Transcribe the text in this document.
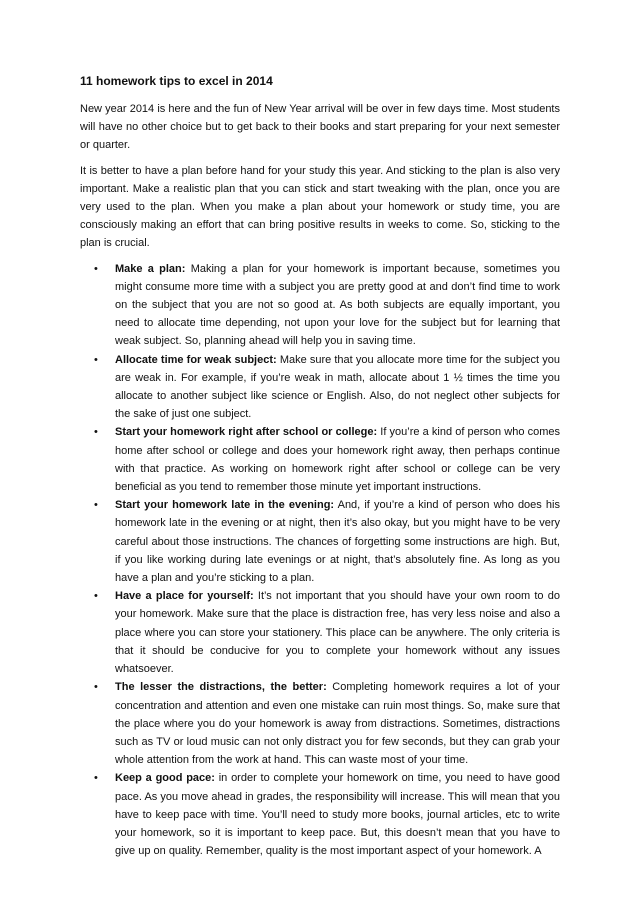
11 homework tips to excel in 2014

New year 2014 is here and the fun of New Year arrival will be over in few days time. Most students will have no other choice but to get back to their books and start preparing for your next semester or quarter.

It is better to have a plan before hand for your study this year. And sticking to the plan is also very important. Make a realistic plan that you can stick and start tweaking with the plan, once you are very used to the plan. When you make a plan about your homework or study time, you are consciously making an effort that can bring positive results in weeks to come. So, sticking to the plan is crucial.

• Make a plan: Making a plan for your homework is important because, sometimes you might consume more time with a subject you are pretty good at and don’t find time to work on the subject that you are not so good at. As both subjects are equally important, you need to allocate time depending, not upon your love for the subject but for learning that weak subject. So, planning ahead will help you in saving time.
• Allocate time for weak subject: Make sure that you allocate more time for the subject you are weak in. For example, if you’re weak in math, allocate about 1 ½ times the time you allocate to another subject like science or English. Also, do not neglect other subjects for the sake of just one subject.
• Start your homework right after school or college: If you’re a kind of person who comes home after school or college and does your homework right away, then perhaps continue with that practice. As working on homework right after school or college can be very beneficial as you tend to remember those minute yet important instructions.
• Start your homework late in the evening: And, if you’re a kind of person who does his homework late in the evening or at night, then it’s also okay, but you might have to be very careful about those instructions. The chances of forgetting some instructions are high. But, if you like working during late evenings or at night, that’s absolutely fine. As long as you have a plan and you’re sticking to a plan.
• Have a place for yourself: It’s not important that you should have your own room to do your homework. Make sure that the place is distraction free, has very less noise and also a place where you can store your stationery. This place can be anywhere. The only criteria is that it should be conducive for you to complete your homework without any issues whatsoever.
• The lesser the distractions, the better: Completing homework requires a lot of your concentration and attention and even one mistake can ruin most things. So, make sure that the place where you do your homework is away from distractions. Sometimes, distractions such as TV or loud music can not only distract you for few seconds, but they can grab your whole attention from the work at hand. This can waste most of your time.
• Keep a good pace: in order to complete your homework on time, you need to have good pace. As you move ahead in grades, the responsibility will increase. This will mean that you have to keep pace with time. You’ll need to study more books, journal articles, etc to write your homework, so it is important to keep pace. But, this doesn’t mean that you have to give up on quality. Remember, quality is the most important aspect of your homework. A
